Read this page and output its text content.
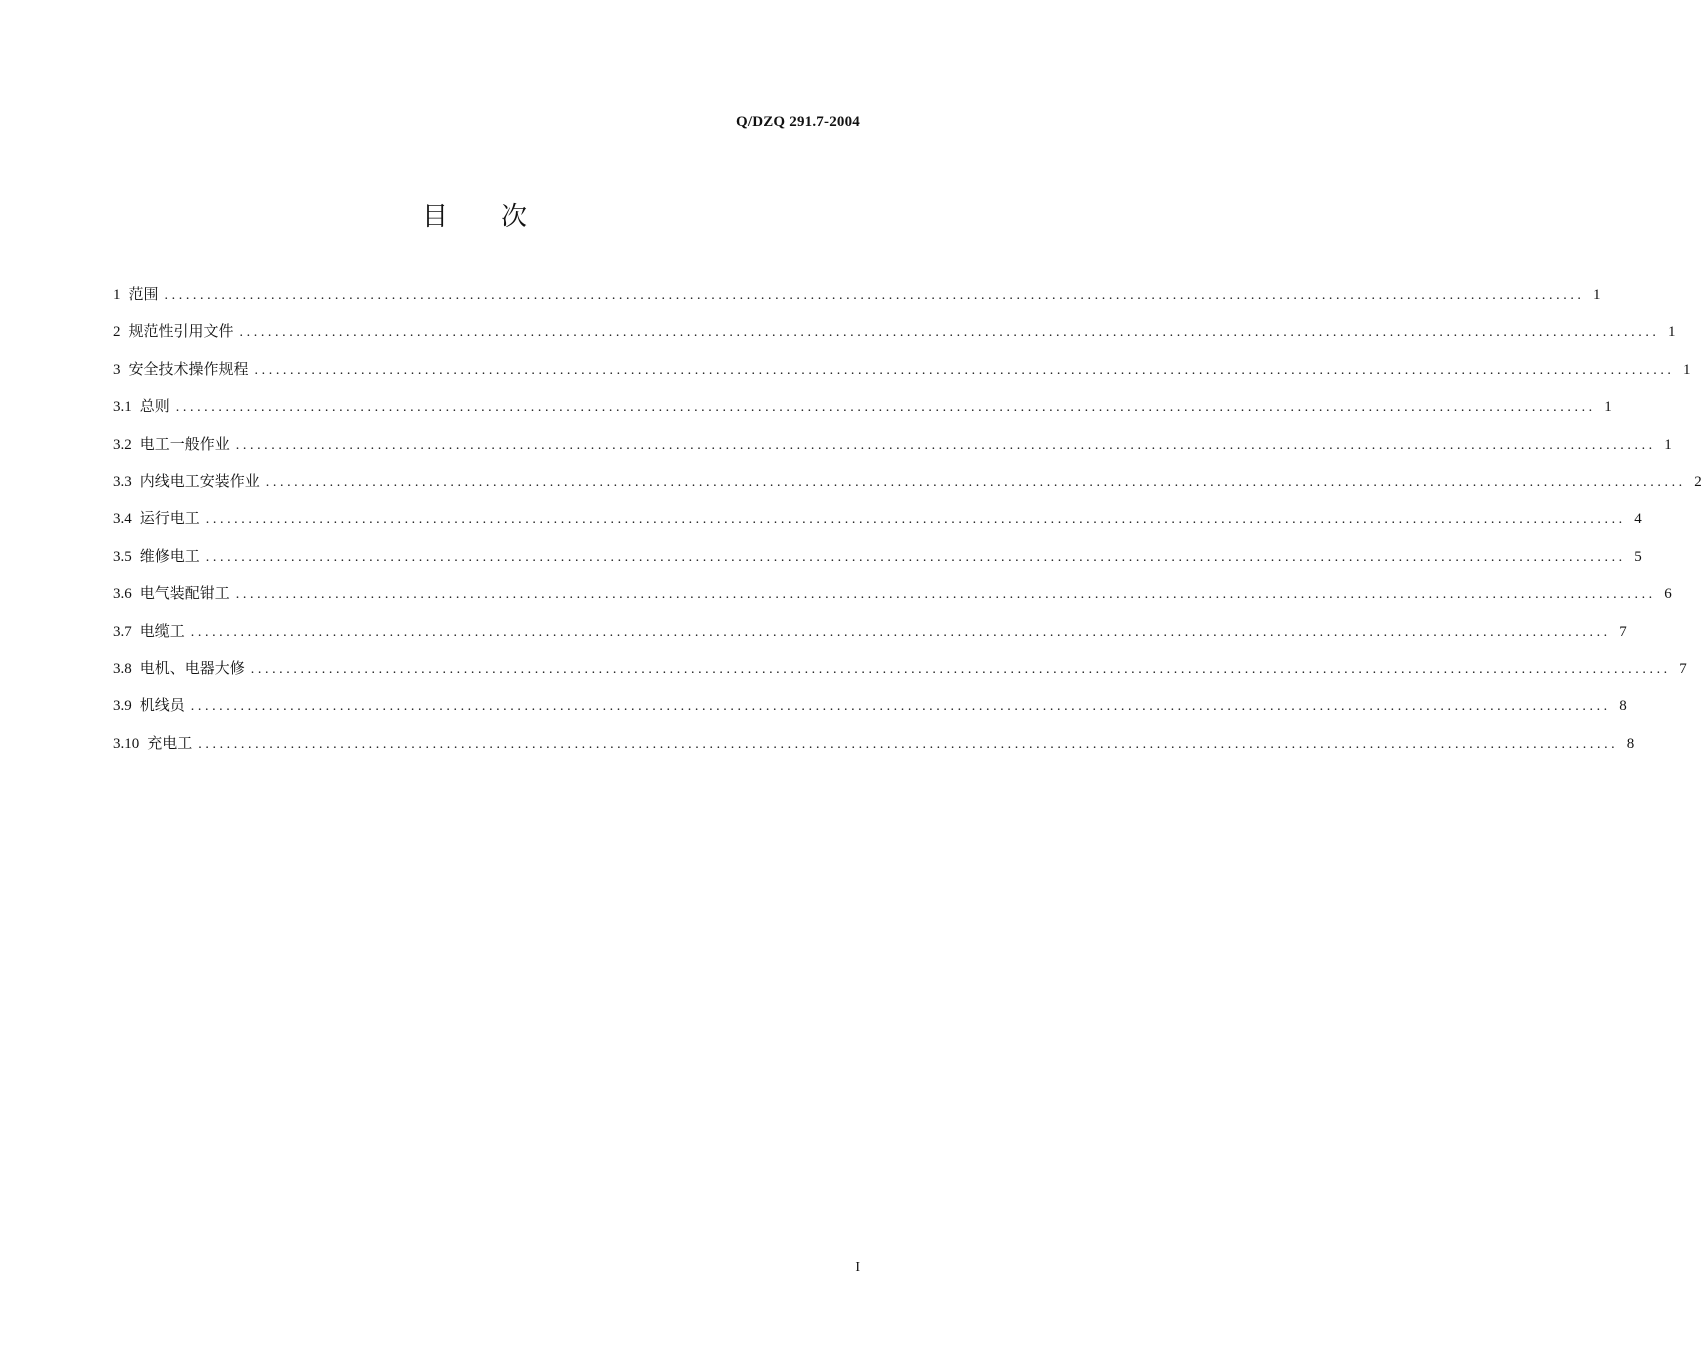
Q/DZQ 291.7-2004
目 次
1 范围 ........................................................................................................................................................................................................ 1
2 规范性引用文件 ........................................................................................................................................................................................................ 1
3 安全技术操作规程 ........................................................................................................................................................................................................ 1
3.1 总则 ........................................................................................................................................................................................................ 1
3.2 电工一般作业 ........................................................................................................................................................................................................ 1
3.3 内线电工安装作业 ........................................................................................................................................................................................................ 2
3.4 运行电工 ........................................................................................................................................................................................................ 4
3.5 维修电工 ........................................................................................................................................................................................................ 5
3.6 电气装配钳工 ........................................................................................................................................................................................................ 6
3.7 电缆工 ........................................................................................................................................................................................................ 7
3.8 电机、电器大修 ........................................................................................................................................................................................................ 7
3.9 机线员 ........................................................................................................................................................................................................ 8
3.10 充电工 ........................................................................................................................................................................................................ 8
I
